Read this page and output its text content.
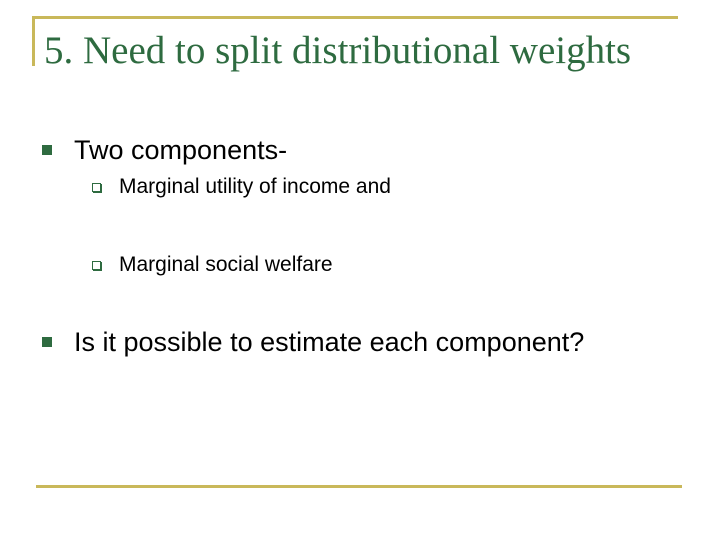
5. Need to split distributional weights
Two components-
Marginal utility of income and
Marginal social welfare
Is it possible to estimate each component?
